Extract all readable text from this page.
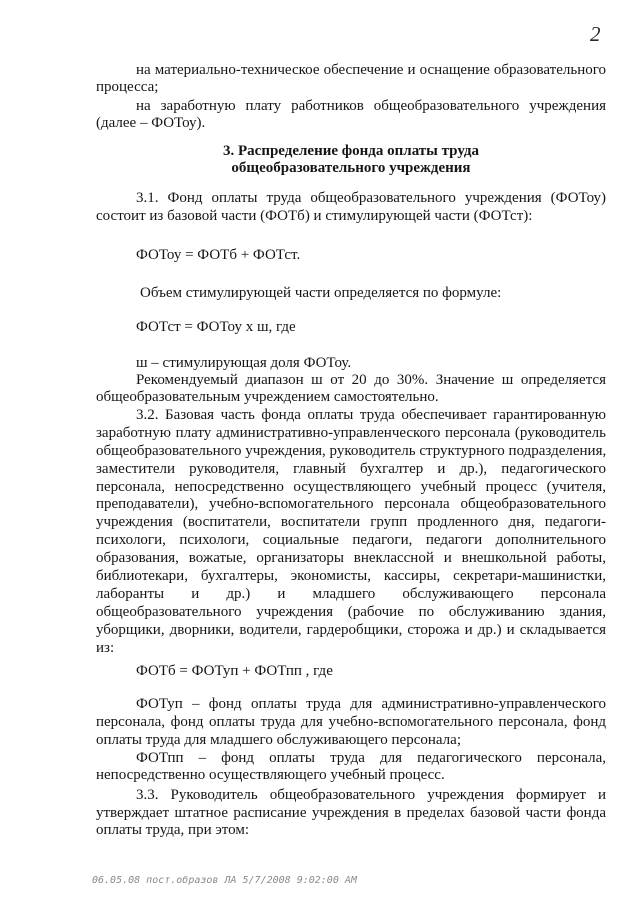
2
на материально-техническое обеспечение и оснащение образовательного
процесса;
на заработную плату работников общеобразовательного учреждения
(далее – ФОТоу).
3. Распределение фонда оплаты труда
общеобразовательного учреждения
3.1. Фонд оплаты труда общеобразовательного учреждения (ФОТоу)
состоит из базовой части (ФОТб) и стимулирующей части (ФОТст):
ФОТоу = ФОТб + ФОТст.
Объем стимулирующей части определяется по формуле:
ФОТст = ФОТоу х ш, где
ш – стимулирующая доля ФОТоу.
Рекомендуемый диапазон ш от 20 до 30%. Значение ш определяется
общеобразовательным учреждением самостоятельно.
3.2. Базовая часть фонда оплаты труда обеспечивает гарантированную
заработную плату административно-управленческого персонала (руководитель
общеобразовательного учреждения, руководитель структурного подразделения,
заместители руководителя, главный бухгалтер и др.), педагогического
персонала, непосредственно осуществляющего учебный процесс (учителя,
преподаватели), учебно-вспомогательного персонала общеобразовательного
учреждения (воспитатели, воспитатели групп продленного дня, педагоги-
психологи, психологи, социальные педагоги, педагоги дополнительного
образования, вожатые, организаторы внеклассной и внешкольной работы,
библиотекари, бухгалтеры, экономисты, кассиры, секретари-машинистки,
лаборанты и др.) и младшего обслуживающего персонала
общеобразовательного учреждения (рабочие по обслуживанию здания,
уборщики, дворники, водители, гардеробщики, сторожа и др.) и складывается
из:
ФОТб = ФОТуп + ФОТпп , где
ФОТуп – фонд оплаты труда для административно-управленческого
персонала, фонд оплаты труда для учебно-вспомогательного персонала, фонд
оплаты труда для младшего обслуживающего персонала;
ФОТпп – фонд оплаты труда для педагогического персонала,
непосредственно осуществляющего учебный процесс.
3.3. Руководитель общеобразовательного учреждения формирует и
утверждает штатное расписание учреждения в пределах базовой части фонда
оплаты труда, при этом:
06.05.08 пост.образов ЛА 5/7/2008 9:02:00 AM
